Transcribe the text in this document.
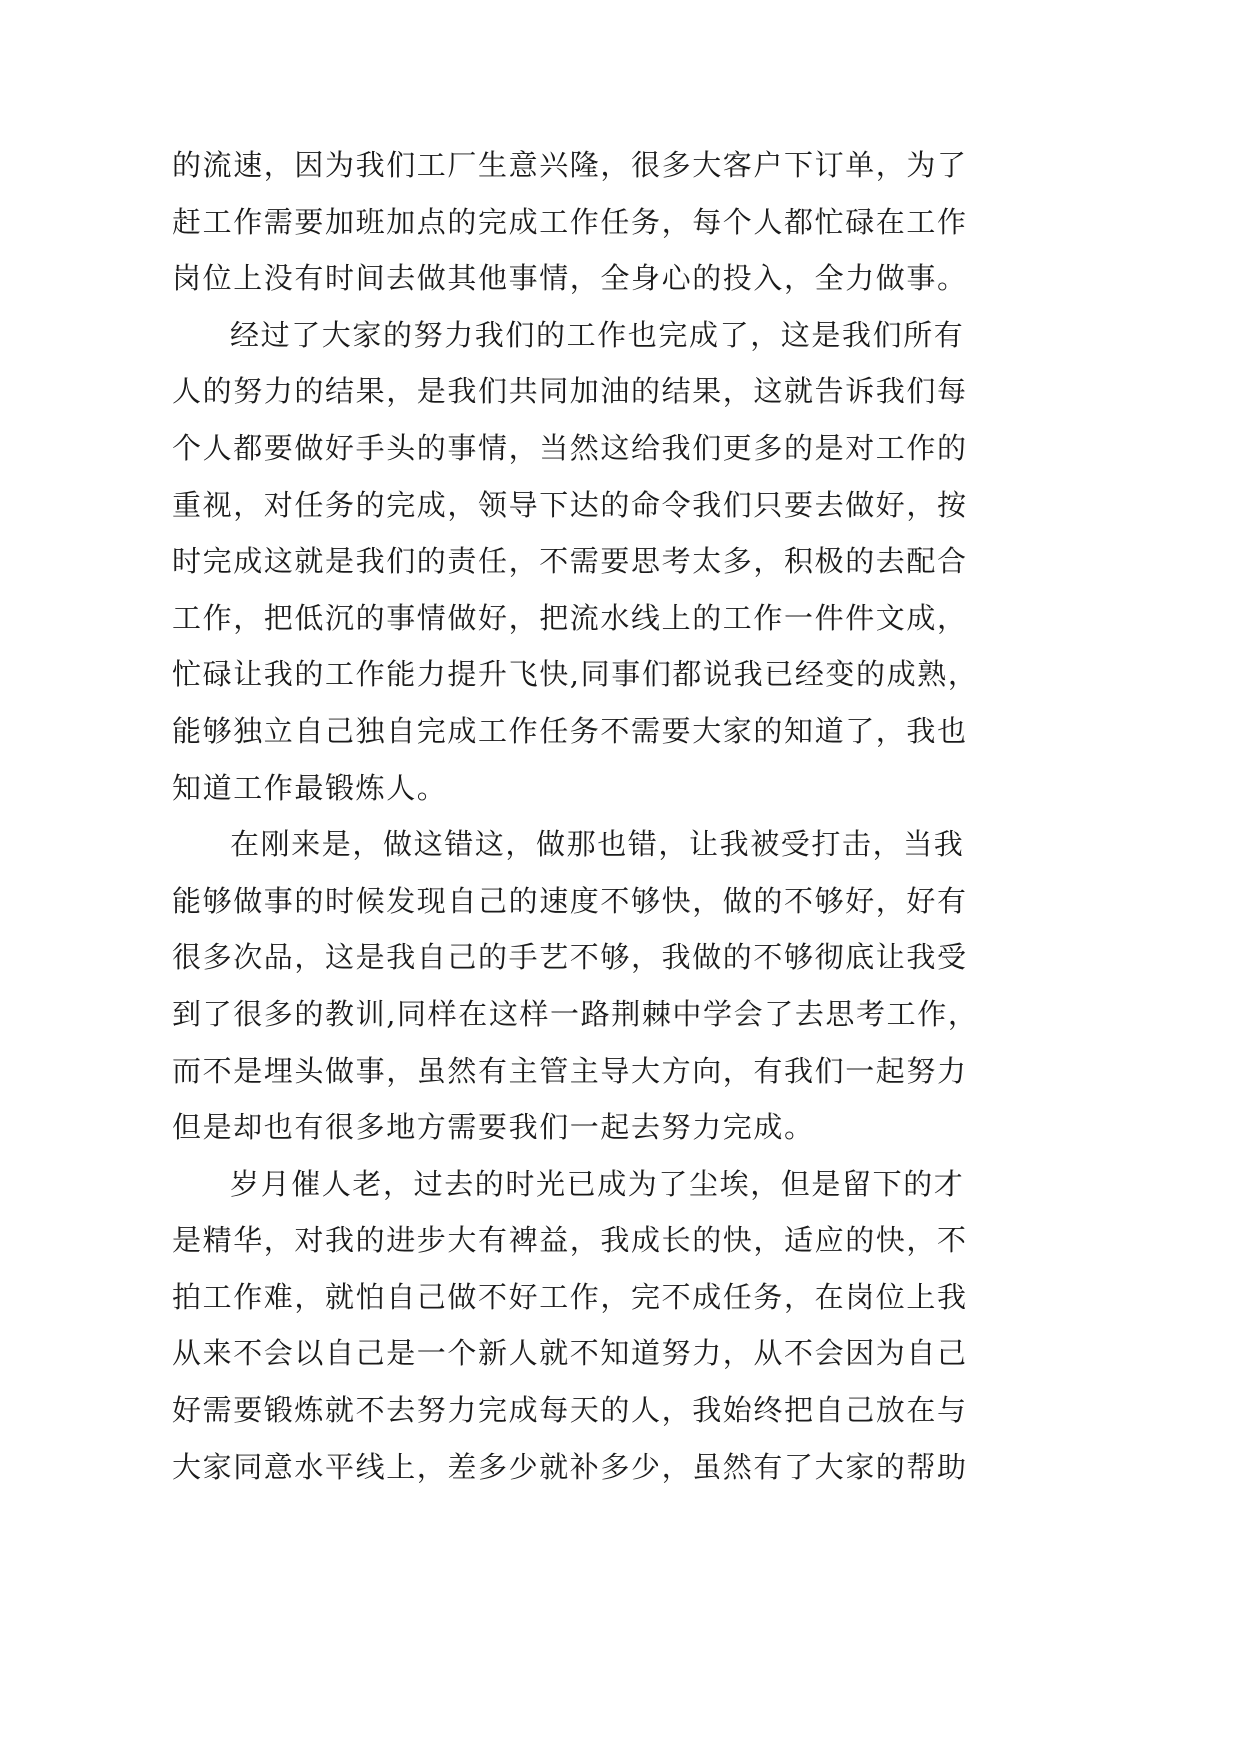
的流速，因为我们工厂生意兴隆，很多大客户下订单，为了
赶工作需要加班加点的完成工作任务，每个人都忙碌在工作
岗位上没有时间去做其他事情，全身心的投入，全力做事。
经过了大家的努力我们的工作也完成了，这是我们所有
人的努力的结果，是我们共同加油的结果，这就告诉我们每
个人都要做好手头的事情，当然这给我们更多的是对工作的
重视，对任务的完成，领导下达的命令我们只要去做好，按
时完成这就是我们的责任，不需要思考太多，积极的去配合
工作，把低沉的事情做好，把流水线上的工作一件件文成，
忙碌让我的工作能力提升飞快,同事们都说我已经变的成熟，
能够独立自己独自完成工作任务不需要大家的知道了，我也
知道工作最锻炼人。
在刚来是，做这错这，做那也错，让我被受打击，当我
能够做事的时候发现自己的速度不够快，做的不够好，好有
很多次品，这是我自己的手艺不够，我做的不够彻底让我受
到了很多的教训,同样在这样一路荆棘中学会了去思考工作，
而不是埋头做事，虽然有主管主导大方向，有我们一起努力
但是却也有很多地方需要我们一起去努力完成。
岁月催人老，过去的时光已成为了尘埃，但是留下的才
是精华，对我的进步大有裨益，我成长的快，适应的快，不
拍工作难，就怕自己做不好工作，完不成任务，在岗位上我
从来不会以自己是一个新人就不知道努力，从不会因为自己
好需要锻炼就不去努力完成每天的人，我始终把自己放在与
大家同意水平线上，差多少就补多少，虽然有了大家的帮助
